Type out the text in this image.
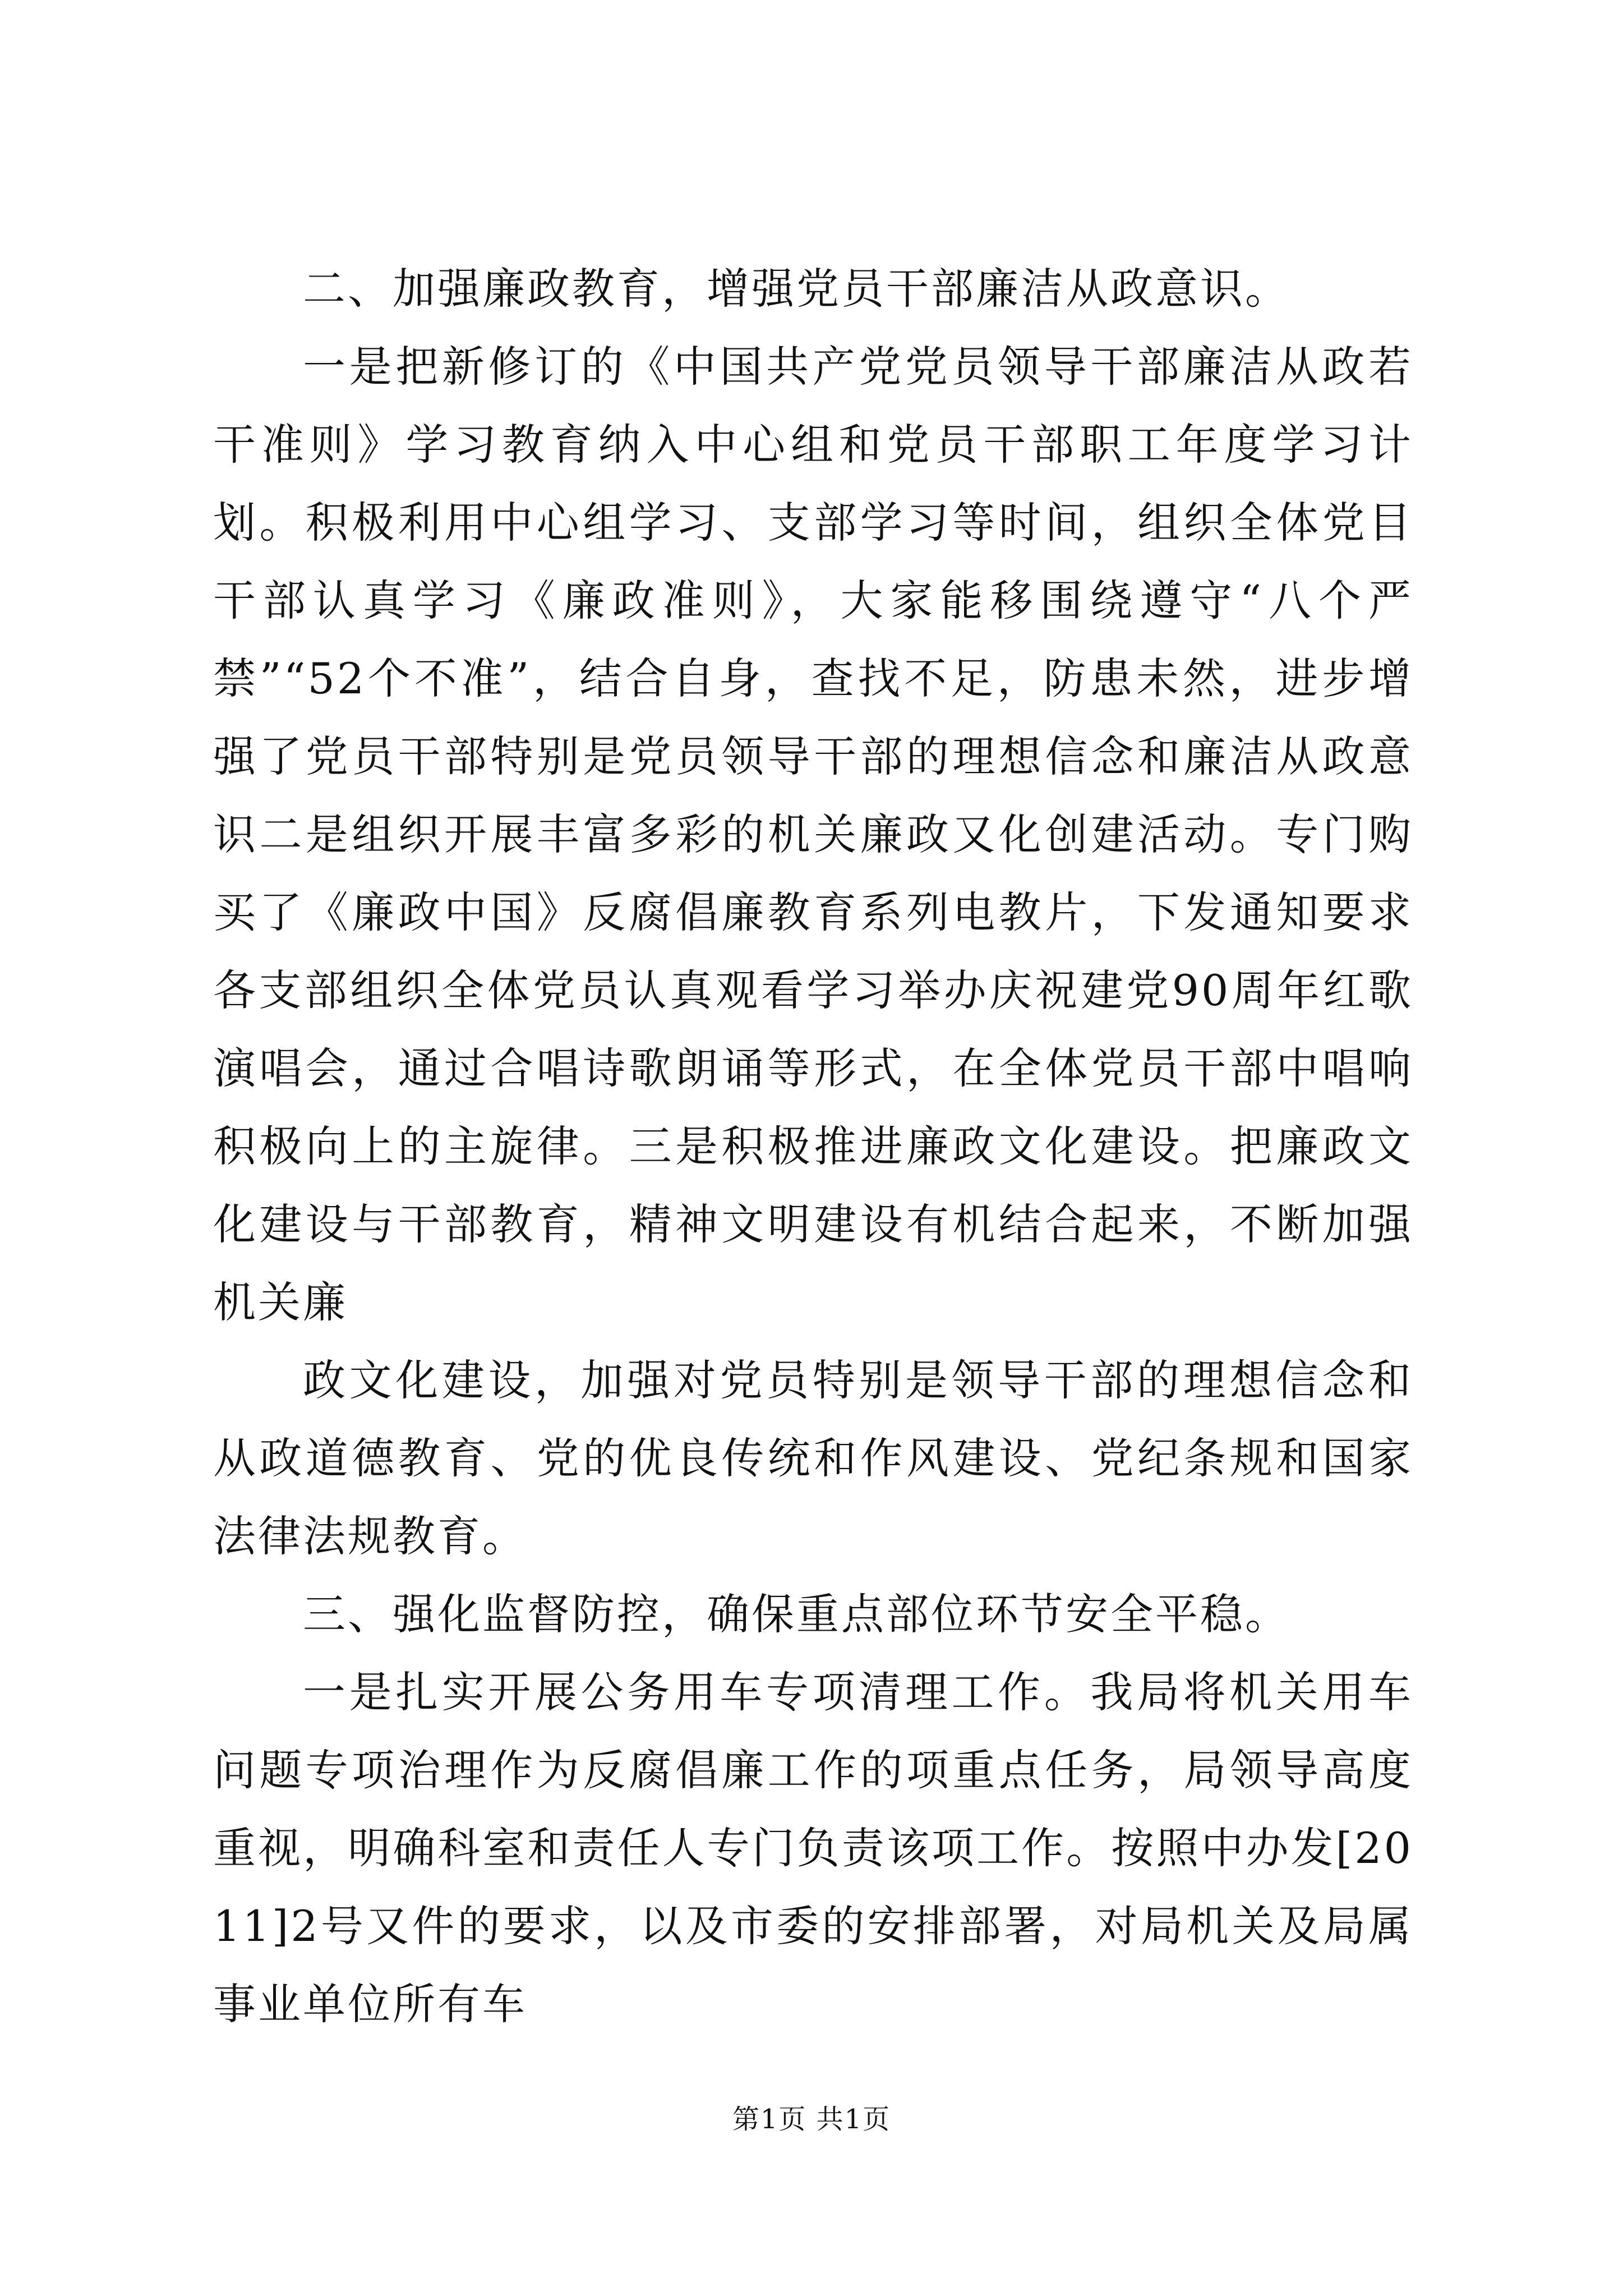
二、加强廉政教育，增强党员干部廉洁从政意识。

一是把新修订的《中国共产党党员领导干部廉洁从政若干准则》学习教育纳入中心组和党员干部职工年度学习计划。积极利用中心组学习、支部学习等时间，组织全体党目干部认真学习《廉政准则》，大家能移围绕遵守“八个严禁”“52个不准”，结合自身，查找不足，防患未然，进步增强了党员干部特别是党员领导干部的理想信念和廉洁从政意识二是组织开展丰富多彩的机关廉政又化创建活动。专门购买了《廉政中国》反腐倡廉教育系列电教片，下发通知要求各支部组织全体党员认真观看学习举办庆祝建党90周年红歌演唱会，通过合唱诗歌朗诵等形式，在全体党员干部中唱响积极向上的主旋律。三是积极推进廉政文化建设。把廉政文化建设与干部教育，精神文明建设有机结合起来，不断加强机关廉

政文化建设，加强对党员特别是领导干部的理想信念和从政道德教育、党的优良传统和作风建设、党纪条规和国家法律法规教育。

三、强化监督防控，确保重点部位环节安全平稳。

一是扎实开展公务用车专项清理工作。我局将机关用车问题专项治理作为反腐倡廉工作的项重点任务，局领导高度重视，明确科室和责任人专门负责该项工作。按照中办发[2011]2号又件的要求，以及市委的安排部署，对局机关及局属事业单位所有车

第1页 共1页
